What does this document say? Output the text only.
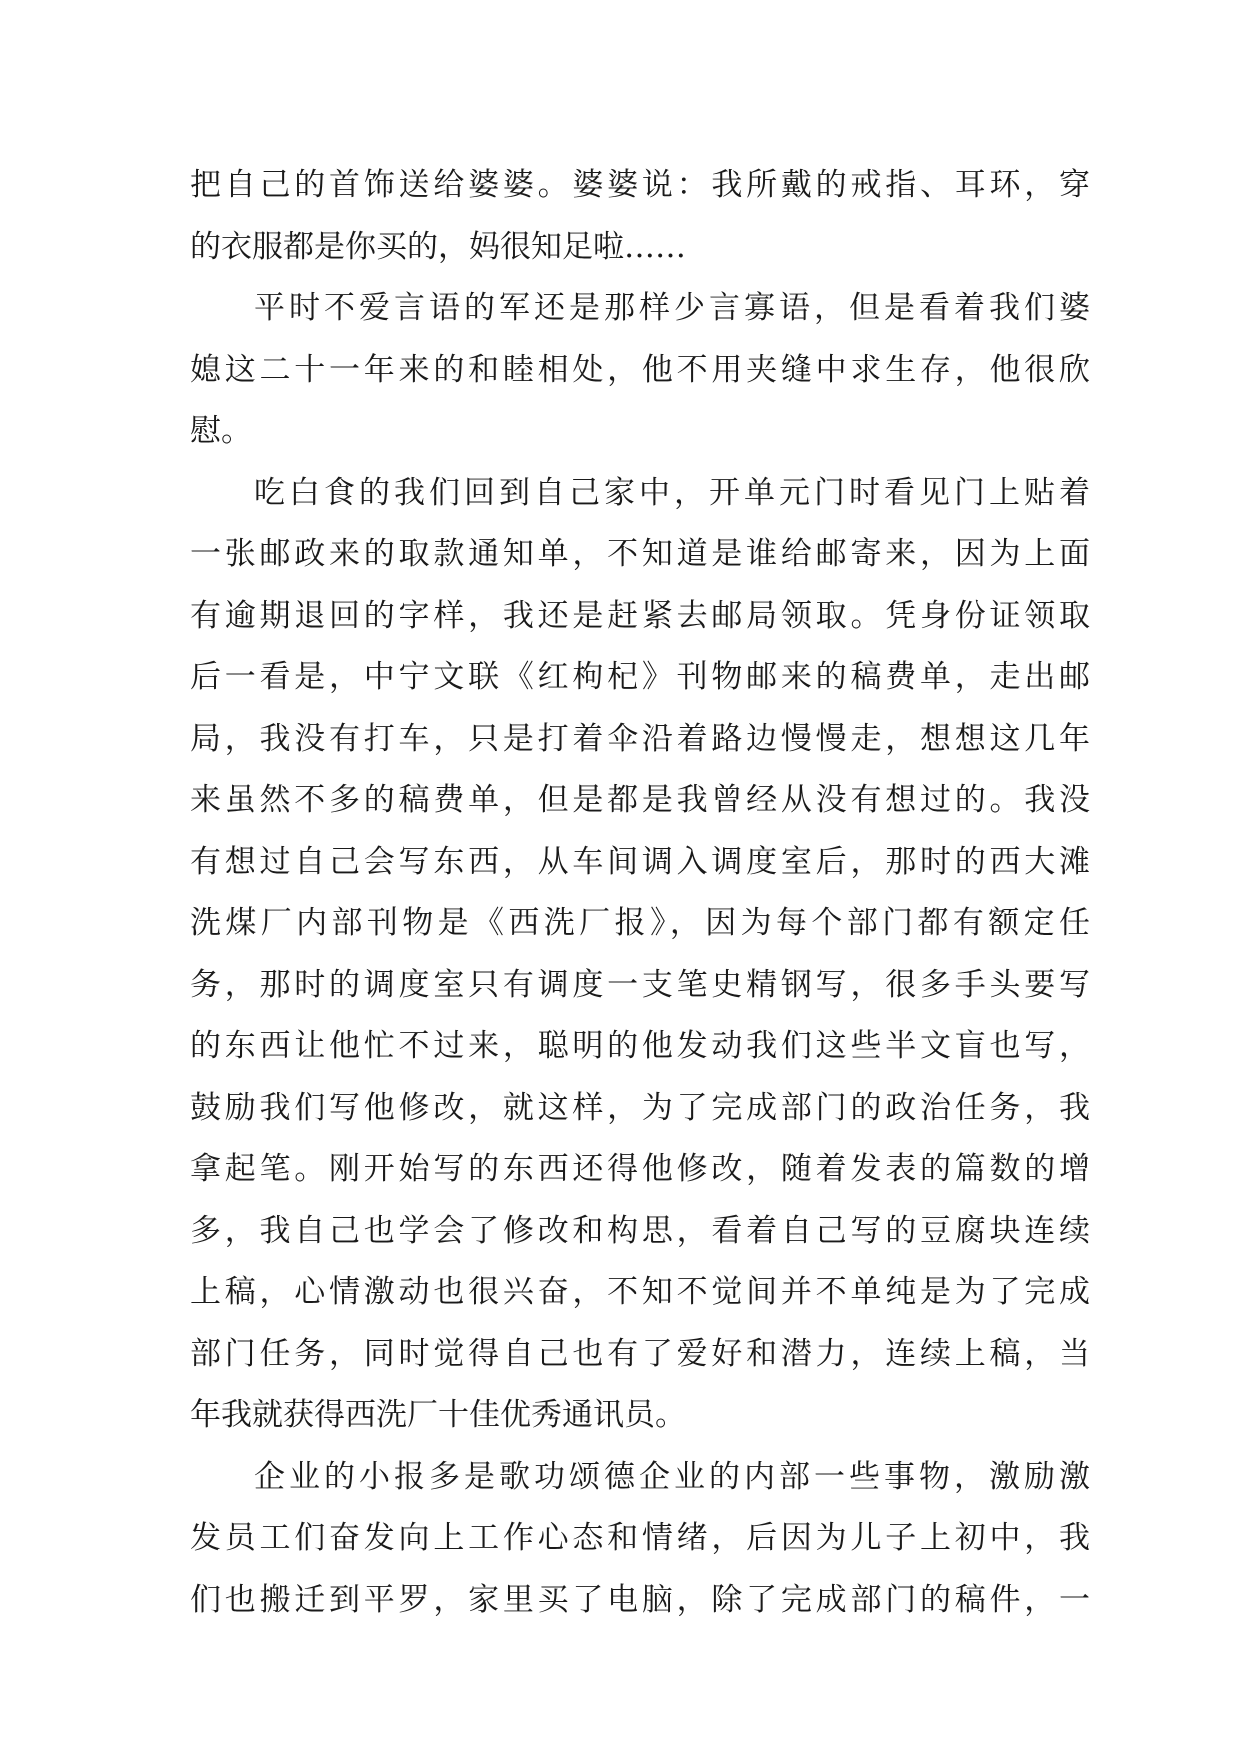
把自己的首饰送给婆婆。婆婆说：我所戴的戒指、耳环，穿
的衣服都是你买的，妈很知足啦……
平时不爱言语的军还是那样少言寡语，但是看着我们婆
媳这二十一年来的和睦相处，他不用夹缝中求生存，他很欣
慰。
吃白食的我们回到自己家中，开单元门时看见门上贴着
一张邮政来的取款通知单，不知道是谁给邮寄来，因为上面
有逾期退回的字样，我还是赶紧去邮局领取。凭身份证领取
后一看是，中宁文联《红枸杞》刊物邮来的稿费单，走出邮
局，我没有打车，只是打着伞沿着路边慢慢走，想想这几年
来虽然不多的稿费单，但是都是我曾经从没有想过的。我没
有想过自己会写东西，从车间调入调度室后，那时的西大滩
洗煤厂内部刊物是《西洗厂报》，因为每个部门都有额定任
务，那时的调度室只有调度一支笔史精钢写，很多手头要写
的东西让他忙不过来，聪明的他发动我们这些半文盲也写，
鼓励我们写他修改，就这样，为了完成部门的政治任务，我
拿起笔。刚开始写的东西还得他修改，随着发表的篇数的增
多，我自己也学会了修改和构思，看着自己写的豆腐块连续
上稿，心情激动也很兴奋，不知不觉间并不单纯是为了完成
部门任务，同时觉得自己也有了爱好和潜力，连续上稿，当
年我就获得西洗厂十佳优秀通讯员。
企业的小报多是歌功颂德企业的内部一些事物，激励激
发员工们奋发向上工作心态和情绪，后因为儿子上初中，我
们也搬迁到平罗，家里买了电脑，除了完成部门的稿件，一
